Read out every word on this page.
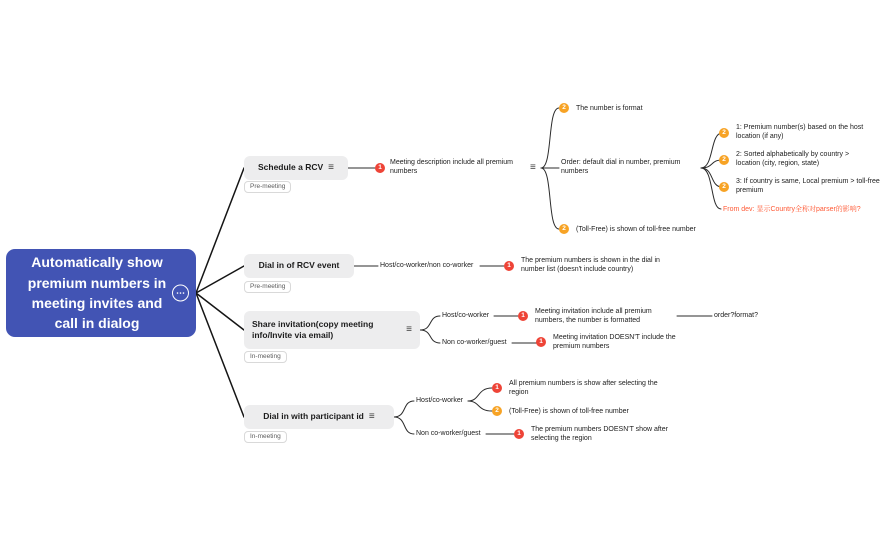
Automatically show premium numbers in meeting invites and call in dialog
⋯
Schedule a RCV ≡
Pre-meeting
1
Meeting description include all premium numbers	≡
2	The number is format
Order: default dial in number, premium numbers
2
1: Premium number(s) based on the host location (if any)
2
2: Sorted alphabetically by country > location (city, region, state)
2
3: If country is same, Local premium > toll-free premium
From dev: 显示Country全称对parser的影响?
2	(Toll-Free) is shown of toll-free number
Dial in of RCV event
Pre-meeting
Host/co-worker/non co-worker	1
The premium numbers is shown in the dial in number list (doesn't include country)
Share invitation(copy meeting info/Invite via email)	≡
In-meeting
Host/co-worker	1
Meeting invitation include all premium numbers, the number is formatted
order?format?
Non co-worker/guest	1
Meeting invitation DOESN'T include the premium numbers
Dial in with participant id ≡
In-meeting
Host/co-worker
1
All premium numbers is show after selecting the region
2	(Toll-Free) is shown of toll-free number
Non co-worker/guest	1
The premium numbers DOESN'T show after selecting the region
